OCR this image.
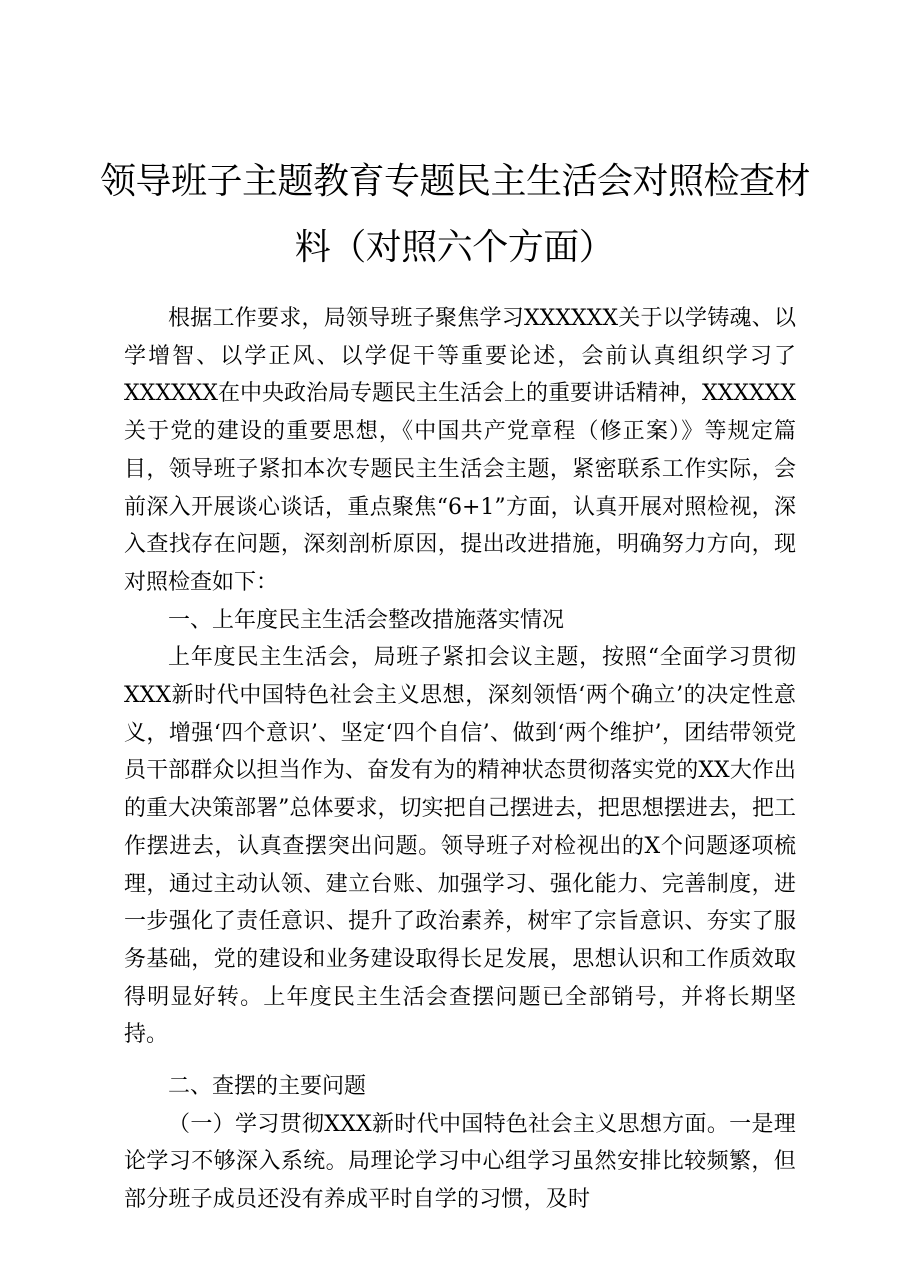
领导班子主题教育专题民主生活会对照检查材
料（对照六个方面）

根据工作要求，局领导班子聚焦学习XXXXXX关于以学铸魂、以学增智、以学正风、以学促干等重要论述，会前认真组织学习了XXXXXX在中央政治局专题民主生活会上的重要讲话精神，XXXXXX关于党的建设的重要思想，《中国共产党章程（修正案）》等规定篇目，领导班子紧扣本次专题民主生活会主题，紧密联系工作实际，会前深入开展谈心谈话，重点聚焦“6+1”方面，认真开展对照检视，深入查找存在问题，深刻剖析原因，提出改进措施，明确努力方向，现对照检查如下：

一、上年度民主生活会整改措施落实情况

上年度民主生活会，局班子紧扣会议主题，按照“全面学习贯彻XXX新时代中国特色社会主义思想，深刻领悟‘两个确立’的决定性意义，增强‘四个意识’、坚定‘四个自信’、做到‘两个维护’，团结带领党员干部群众以担当作为、奋发有为的精神状态贯彻落实党的XX大作出的重大决策部署”总体要求，切实把自己摆进去，把思想摆进去，把工作摆进去，认真查摆突出问题。领导班子对检视出的X个问题逐项梳理，通过主动认领、建立台账、加强学习、强化能力、完善制度，进一步强化了责任意识、提升了政治素养，树牢了宗旨意识、夯实了服务基础，党的建设和业务建设取得长足发展，思想认识和工作质效取得明显好转。上年度民主生活会查摆问题已全部销号，并将长期坚持。

二、查摆的主要问题

（一）学习贯彻XXX新时代中国特色社会主义思想方面。一是理论学习不够深入系统。局理论学习中心组学习虽然安排比较频繁，但部分班子成员还没有养成平时自学的习惯，及时
